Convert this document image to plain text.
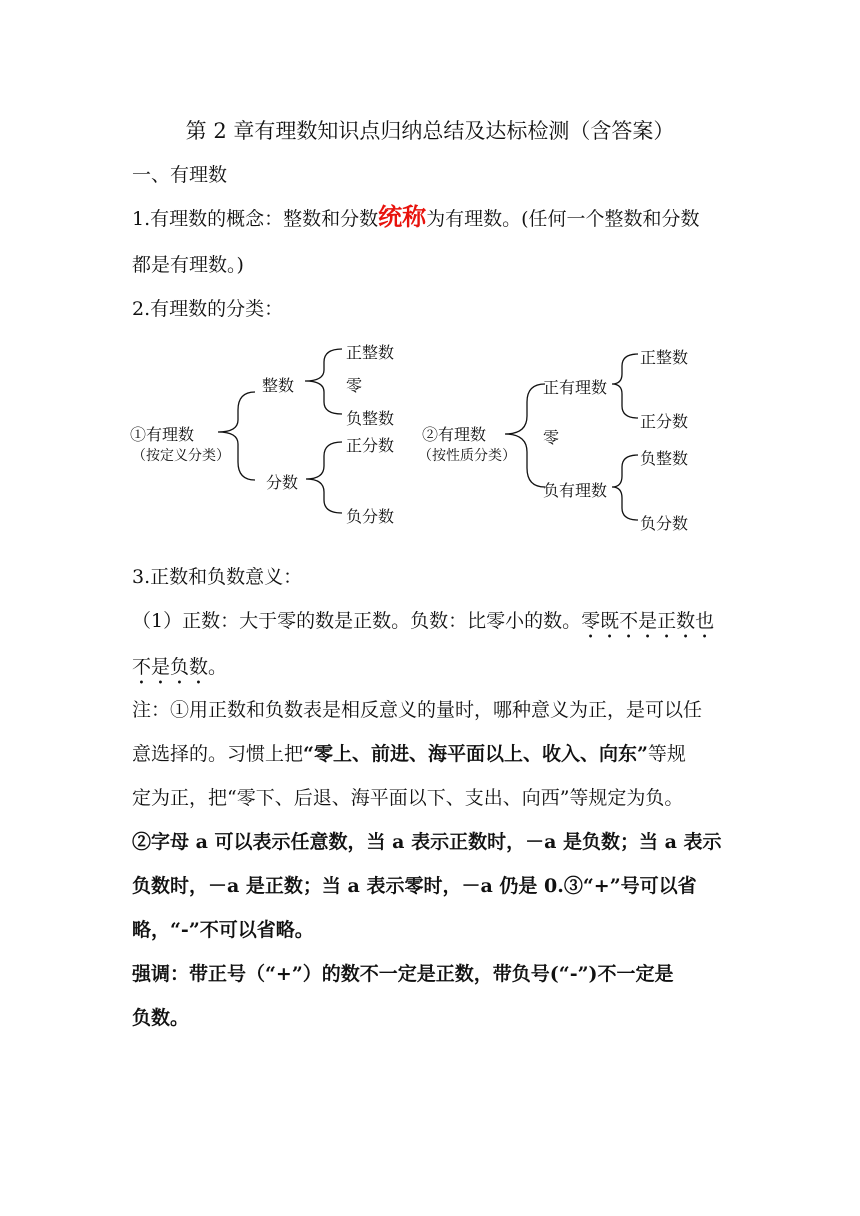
第 2 章有理数知识点归纳总结及达标检测（含答案）
一、有理数
1.有理数的概念：整数和分数统称为有理数。(任何一个整数和分数
都是有理数。)
2.有理数的分类：
①有理数
（按定义分类）
整数
正整数
零
负整数
分数
正分数
负分数
②有理数
（按性质分类）
正有理数
正整数
正分数
零
负有理数
负整数
负分数
3.正数和负数意义：
（1）正数：大于零的数是正数。负数：比零小的数。零既不是正数也不是负数。
注：①用正数和负数表是相反意义的量时，哪种意义为正，是可以任
意选择的。习惯上把“零上、前进、海平面以上、收入、向东”等规
定为正，把“零下、后退、海平面以下、支出、向西”等规定为负。
②字母 a 可以表示任意数，当 a 表示正数时，－a 是负数；当 a 表示
负数时，－a 是正数；当 a 表示零时，－a 仍是 0.③“+”号可以省
略，“-”不可以省略。
强调：带正号（“+”）的数不一定是正数，带负号(“-”)不一定是
负数。
